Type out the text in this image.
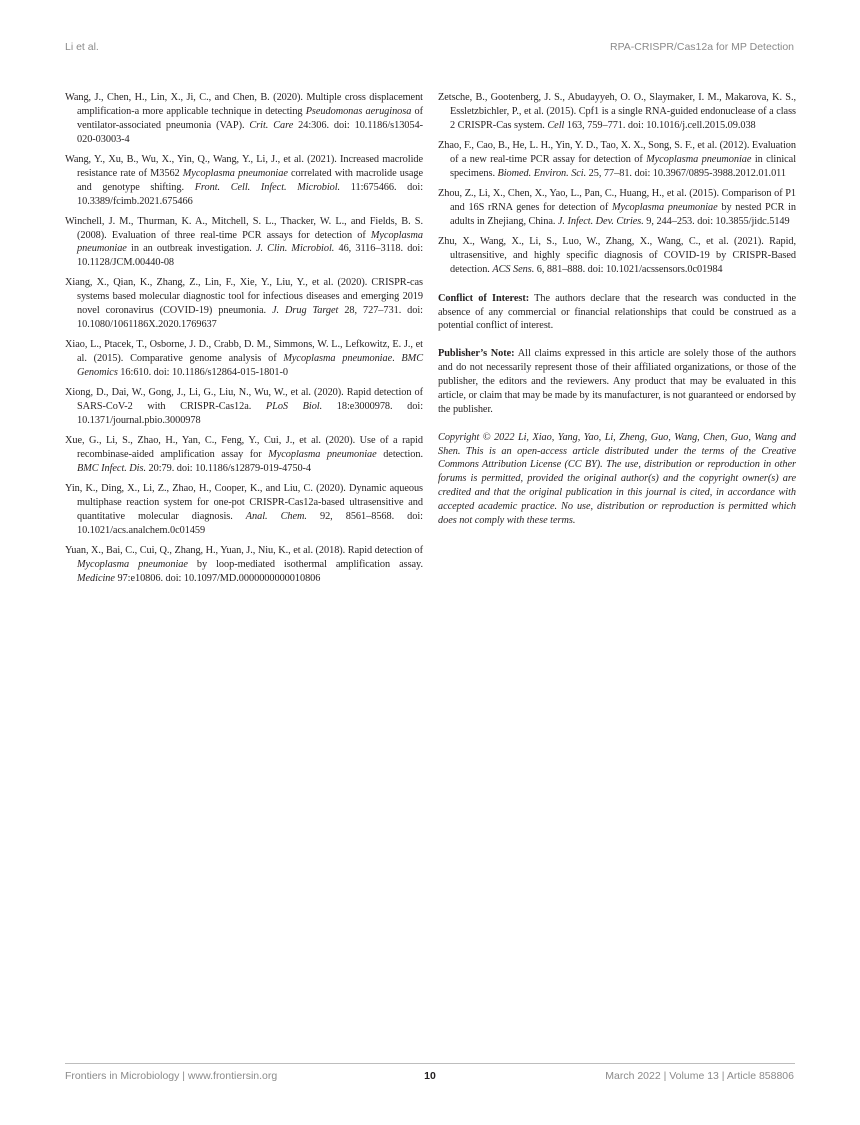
Li et al.	RPA-CRISPR/Cas12a for MP Detection

Wang, J., Chen, H., Lin, X., Ji, C., and Chen, B. (2020). Multiple cross displacement amplification-a more applicable technique in detecting Pseudomonas aeruginosa of ventilator-associated pneumonia (VAP). Crit. Care 24:306. doi: 10.1186/s13054-020-03003-4

Wang, Y., Xu, B., Wu, X., Yin, Q., Wang, Y., Li, J., et al. (2021). Increased macrolide resistance rate of M3562 Mycoplasma pneumoniae correlated with macrolide usage and genotype shifting. Front. Cell. Infect. Microbiol. 11:675466. doi: 10.3389/fcimb.2021.675466

Winchell, J. M., Thurman, K. A., Mitchell, S. L., Thacker, W. L., and Fields, B. S. (2008). Evaluation of three real-time PCR assays for detection of Mycoplasma pneumoniae in an outbreak investigation. J. Clin. Microbiol. 46, 3116–3118. doi: 10.1128/JCM.00440-08

Xiang, X., Qian, K., Zhang, Z., Lin, F., Xie, Y., Liu, Y., et al. (2020). CRISPR-cas systems based molecular diagnostic tool for infectious diseases and emerging 2019 novel coronavirus (COVID-19) pneumonia. J. Drug Target 28, 727–731. doi: 10.1080/1061186X.2020.1769637

Xiao, L., Ptacek, T., Osborne, J. D., Crabb, D. M., Simmons, W. L., Lefkowitz, E. J., et al. (2015). Comparative genome analysis of Mycoplasma pneumoniae. BMC Genomics 16:610. doi: 10.1186/s12864-015-1801-0

Xiong, D., Dai, W., Gong, J., Li, G., Liu, N., Wu, W., et al. (2020). Rapid detection of SARS-CoV-2 with CRISPR-Cas12a. PLoS Biol. 18:e3000978. doi: 10.1371/journal.pbio.3000978

Xue, G., Li, S., Zhao, H., Yan, C., Feng, Y., Cui, J., et al. (2020). Use of a rapid recombinase-aided amplification assay for Mycoplasma pneumoniae detection. BMC Infect. Dis. 20:79. doi: 10.1186/s12879-019-4750-4

Yin, K., Ding, X., Li, Z., Zhao, H., Cooper, K., and Liu, C. (2020). Dynamic aqueous multiphase reaction system for one-pot CRISPR-Cas12a-based ultrasensitive and quantitative molecular diagnosis. Anal. Chem. 92, 8561–8568. doi: 10.1021/acs.analchem.0c01459

Yuan, X., Bai, C., Cui, Q., Zhang, H., Yuan, J., Niu, K., et al. (2018). Rapid detection of Mycoplasma pneumoniae by loop-mediated isothermal amplification assay. Medicine 97:e10806. doi: 10.1097/MD.0000000000010806

Zetsche, B., Gootenberg, J. S., Abudayyeh, O. O., Slaymaker, I. M., Makarova, K. S., Essletzbichler, P., et al. (2015). Cpf1 is a single RNA-guided endonuclease of a class 2 CRISPR-Cas system. Cell 163, 759–771. doi: 10.1016/j.cell.2015.09.038

Zhao, F., Cao, B., He, L. H., Yin, Y. D., Tao, X. X., Song, S. F., et al. (2012). Evaluation of a new real-time PCR assay for detection of Mycoplasma pneumoniae in clinical specimens. Biomed. Environ. Sci. 25, 77–81. doi: 10.3967/0895-3988.2012.01.011

Zhou, Z., Li, X., Chen, X., Yao, L., Pan, C., Huang, H., et al. (2015). Comparison of P1 and 16S rRNA genes for detection of Mycoplasma pneumoniae by nested PCR in adults in Zhejiang, China. J. Infect. Dev. Ctries. 9, 244–253. doi: 10.3855/jidc.5149

Zhu, X., Wang, X., Li, S., Luo, W., Zhang, X., Wang, C., et al. (2021). Rapid, ultrasensitive, and highly specific diagnosis of COVID-19 by CRISPR-Based detection. ACS Sens. 6, 881–888. doi: 10.1021/acssensors.0c01984

Conflict of Interest: The authors declare that the research was conducted in the absence of any commercial or financial relationships that could be construed as a potential conflict of interest.

Publisher’s Note: All claims expressed in this article are solely those of the authors and do not necessarily represent those of their affiliated organizations, or those of the publisher, the editors and the reviewers. Any product that may be evaluated in this article, or claim that may be made by its manufacturer, is not guaranteed or endorsed by the publisher.

Copyright © 2022 Li, Xiao, Yang, Yao, Li, Zheng, Guo, Wang, Chen, Guo, Wang and Shen. This is an open-access article distributed under the terms of the Creative Commons Attribution License (CC BY). The use, distribution or reproduction in other forums is permitted, provided the original author(s) and the copyright owner(s) are credited and that the original publication in this journal is cited, in accordance with accepted academic practice. No use, distribution or reproduction is permitted which does not comply with these terms.

Frontiers in Microbiology | www.frontiersin.org	10	March 2022 | Volume 13 | Article 858806
